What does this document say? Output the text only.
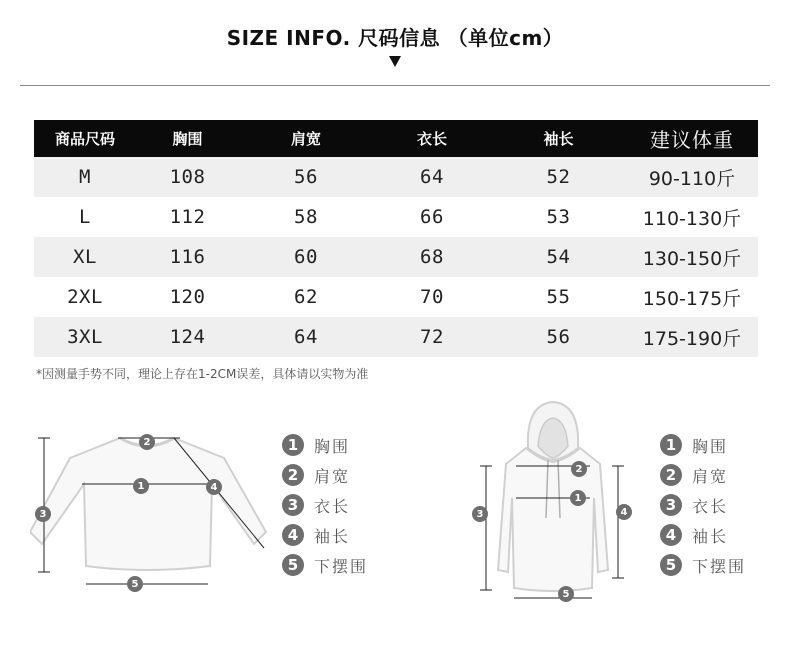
SIZE INFO. 尺码信息 （单位cm）
商品尺码	胸围	肩宽	衣长	袖长	建议体重
M	108	56	64	52	90-110斤
L	112	58	66	53	110-130斤
XL	116	60	68	54	130-150斤
2XL	120	62	70	55	150-175斤
3XL	124	64	72	56	175-190斤
*因测量手势不同，理论上存在1-2CM误差，具体请以实物为准
1
2
3
4
5
1 胸围
2 肩宽
3 衣长
4 袖长
5 下摆围
1
2
3	4
5
1 胸围
2 肩宽
3 衣长
4 袖长
5 下摆围
